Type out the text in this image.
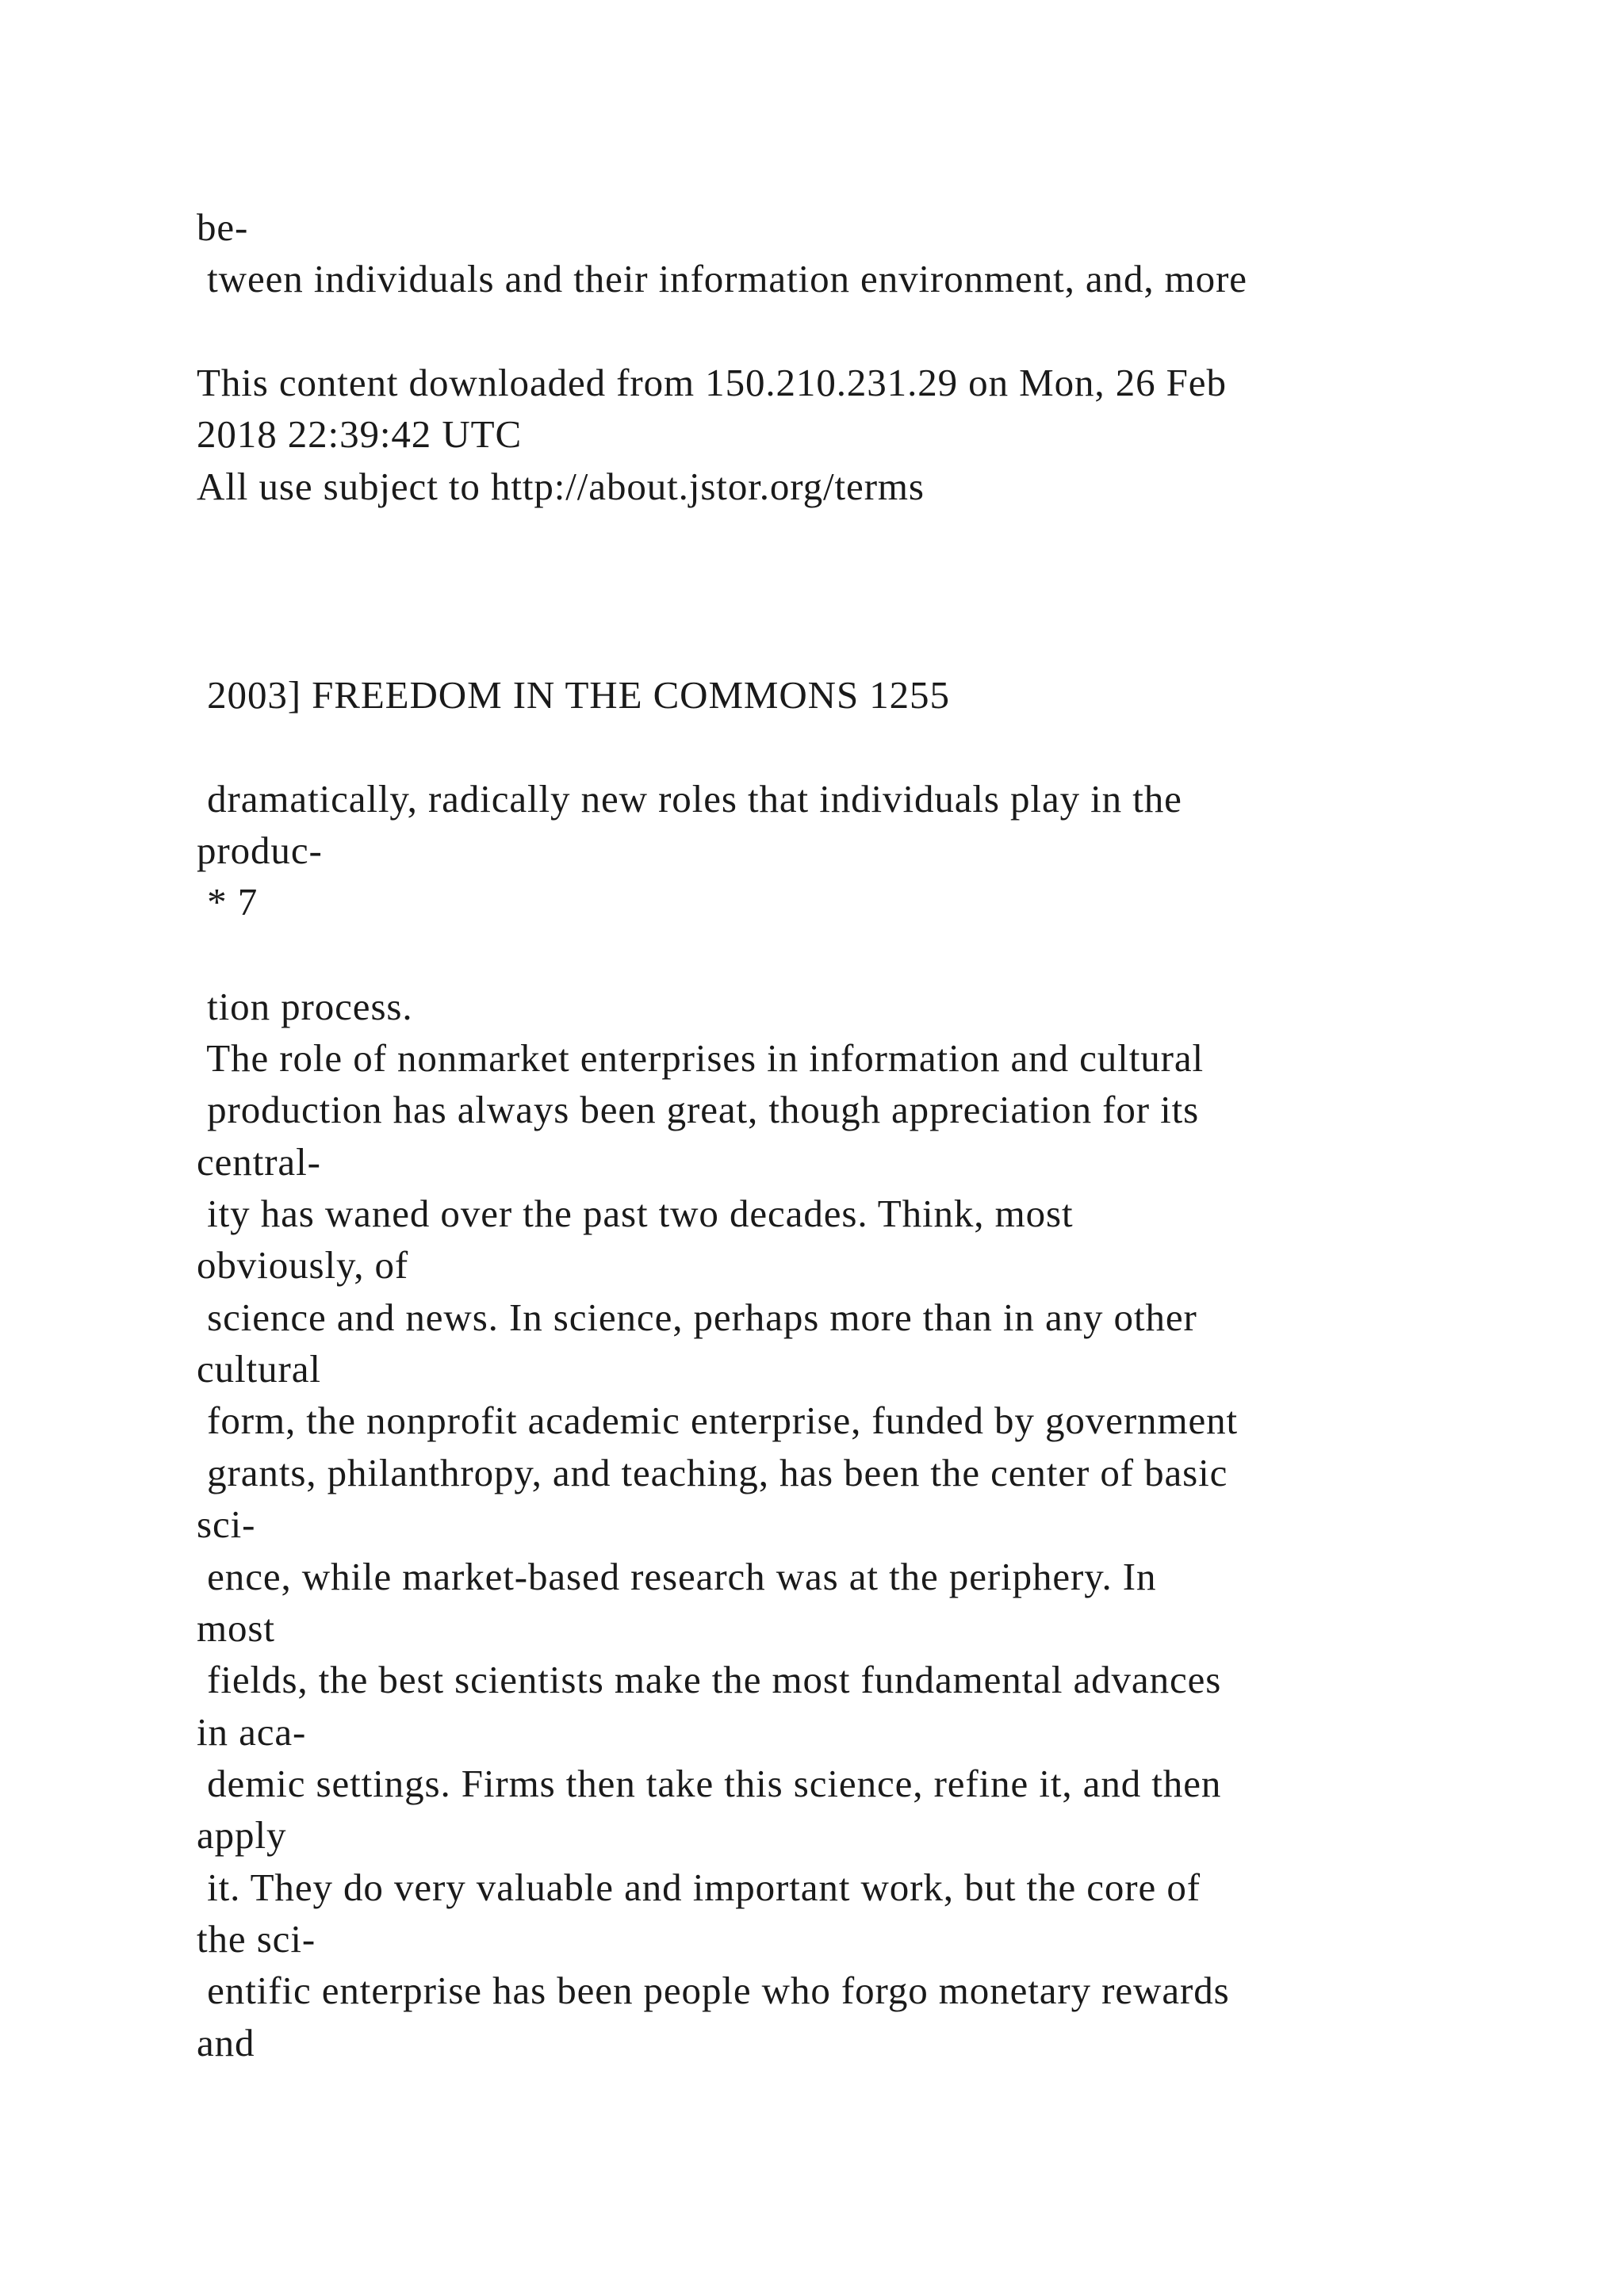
be-

tween individuals and their information environment, and, more

This content downloaded from 150.210.231.29 on Mon, 26 Feb

2018 22:39:42 UTC

All use subject to http://about.jstor.org/terms

2003] FREEDOM IN THE COMMONS 1255

dramatically, radically new roles that individuals play in the

produc-

* 7

tion process.

The role of nonmarket enterprises in information and cultural

production has always been great, though appreciation for its

central-

ity has waned over the past two decades. Think, most

obviously, of

science and news. In science, perhaps more than in any other

cultural

form, the nonprofit academic enterprise, funded by government

grants, philanthropy, and teaching, has been the center of basic

sci-

ence, while market-based research was at the periphery. In

most

fields, the best scientists make the most fundamental advances

in aca-

demic settings. Firms then take this science, refine it, and then

apply

it. They do very valuable and important work, but the core of

the sci-

entific enterprise has been people who forgo monetary rewards

and
